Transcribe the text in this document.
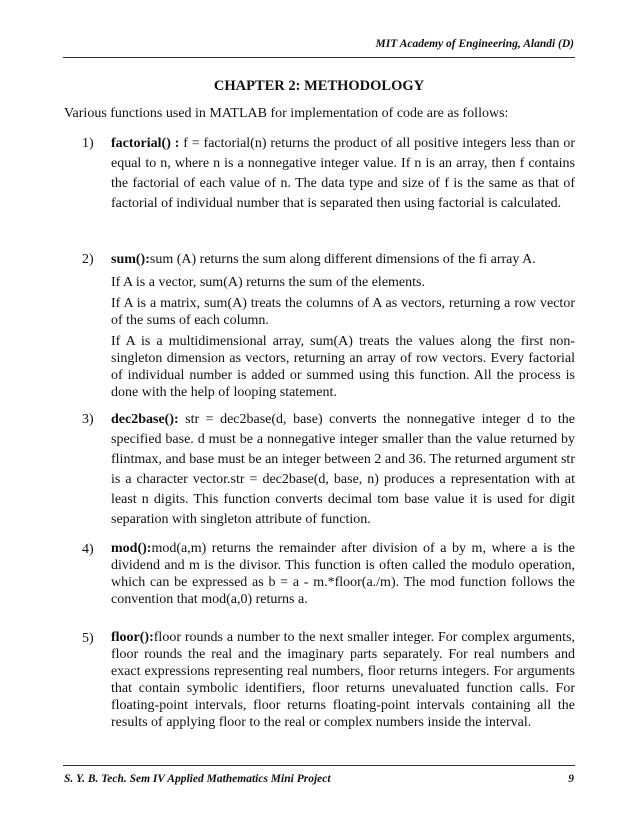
MIT Academy of Engineering, Alandi (D)
CHAPTER 2: METHODOLOGY
Various functions used in MATLAB for implementation of code are as follows:
1) factorial() : f = factorial(n) returns the product of all positive integers less than or equal to n, where n is a nonnegative integer value. If n is an array, then f contains the factorial of each value of n. The data type and size of f is the same as that of factorial of individual number that is separated then using factorial is calculated.

2) sum():sum (A) returns the sum along different dimensions of the fi array A.

If A is a vector, sum(A) returns the sum of the elements.

If A is a matrix, sum(A) treats the columns of A as vectors, returning a row vector of the sums of each column.

If A is a multidimensional array, sum(A) treats the values along the first non-singleton dimension as vectors, returning an array of row vectors. Every factorial of individual number is added or summed using this function. All the process is done with the help of looping statement.

3) dec2base(): str = dec2base(d, base) converts the nonnegative integer d to the specified base. d must be a nonnegative integer smaller than the value returned by flintmax, and base must be an integer between 2 and 36. The returned argument str is a character vector.str = dec2base(d, base, n) produces a representation with at least n digits. This function converts decimal tom base value it is used for digit separation with singleton attribute of function.

4) mod():mod(a,m) returns the remainder after division of a by m, where a is the dividend and m is the divisor. This function is often called the modulo operation, which can be expressed as b = a - m.*floor(a./m). The mod function follows the convention that mod(a,0) returns a.

5) floor():floor rounds a number to the next smaller integer. For complex arguments, floor rounds the real and the imaginary parts separately. For real numbers and exact expressions representing real numbers, floor returns integers. For arguments that contain symbolic identifiers, floor returns unevaluated function calls. For floating-point intervals, floor returns floating-point intervals containing all the results of applying floor to the real or complex numbers inside the interval.

S. Y. B. Tech. Sem IV Applied Mathematics Mini Project	9
